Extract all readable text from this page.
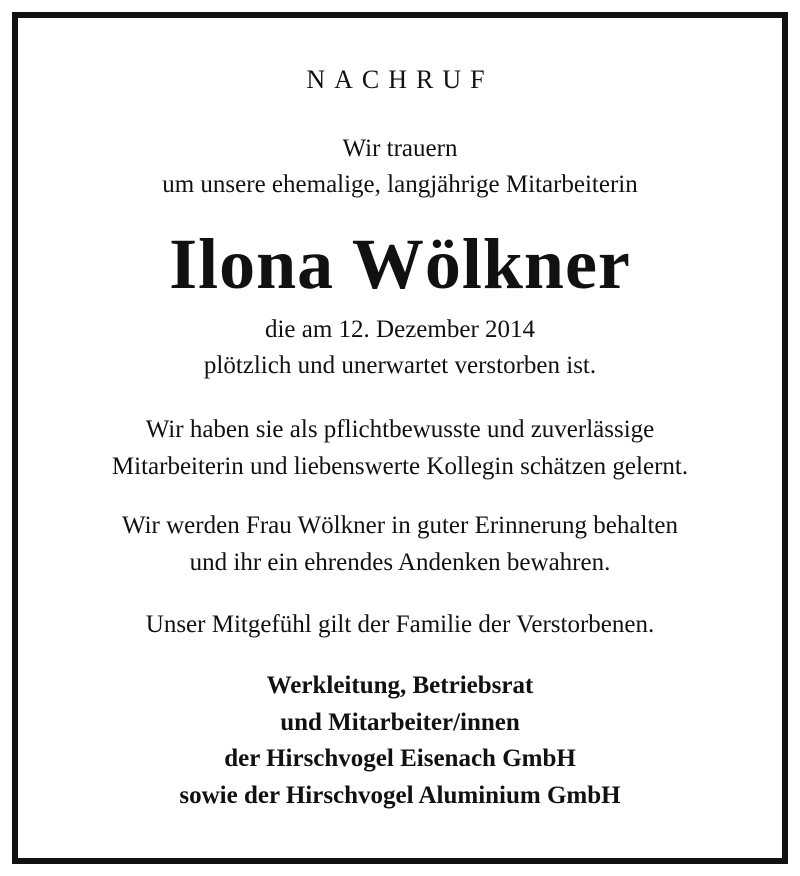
NACHRUF
Wir trauern
um unsere ehemalige, langjährige Mitarbeiterin
Ilona Wölkner
die am 12. Dezember 2014
plötzlich und unerwartet verstorben ist.
Wir haben sie als pflichtbewusste und zuverlässige
Mitarbeiterin und liebenswerte Kollegin schätzen gelernt.
Wir werden Frau Wölkner in guter Erinnerung behalten
und ihr ein ehrendes Andenken bewahren.
Unser Mitgefühl gilt der Familie der Verstorbenen.
Werkleitung, Betriebsrat
und Mitarbeiter/innen
der Hirschvogel Eisenach GmbH
sowie der Hirschvogel Aluminium GmbH
